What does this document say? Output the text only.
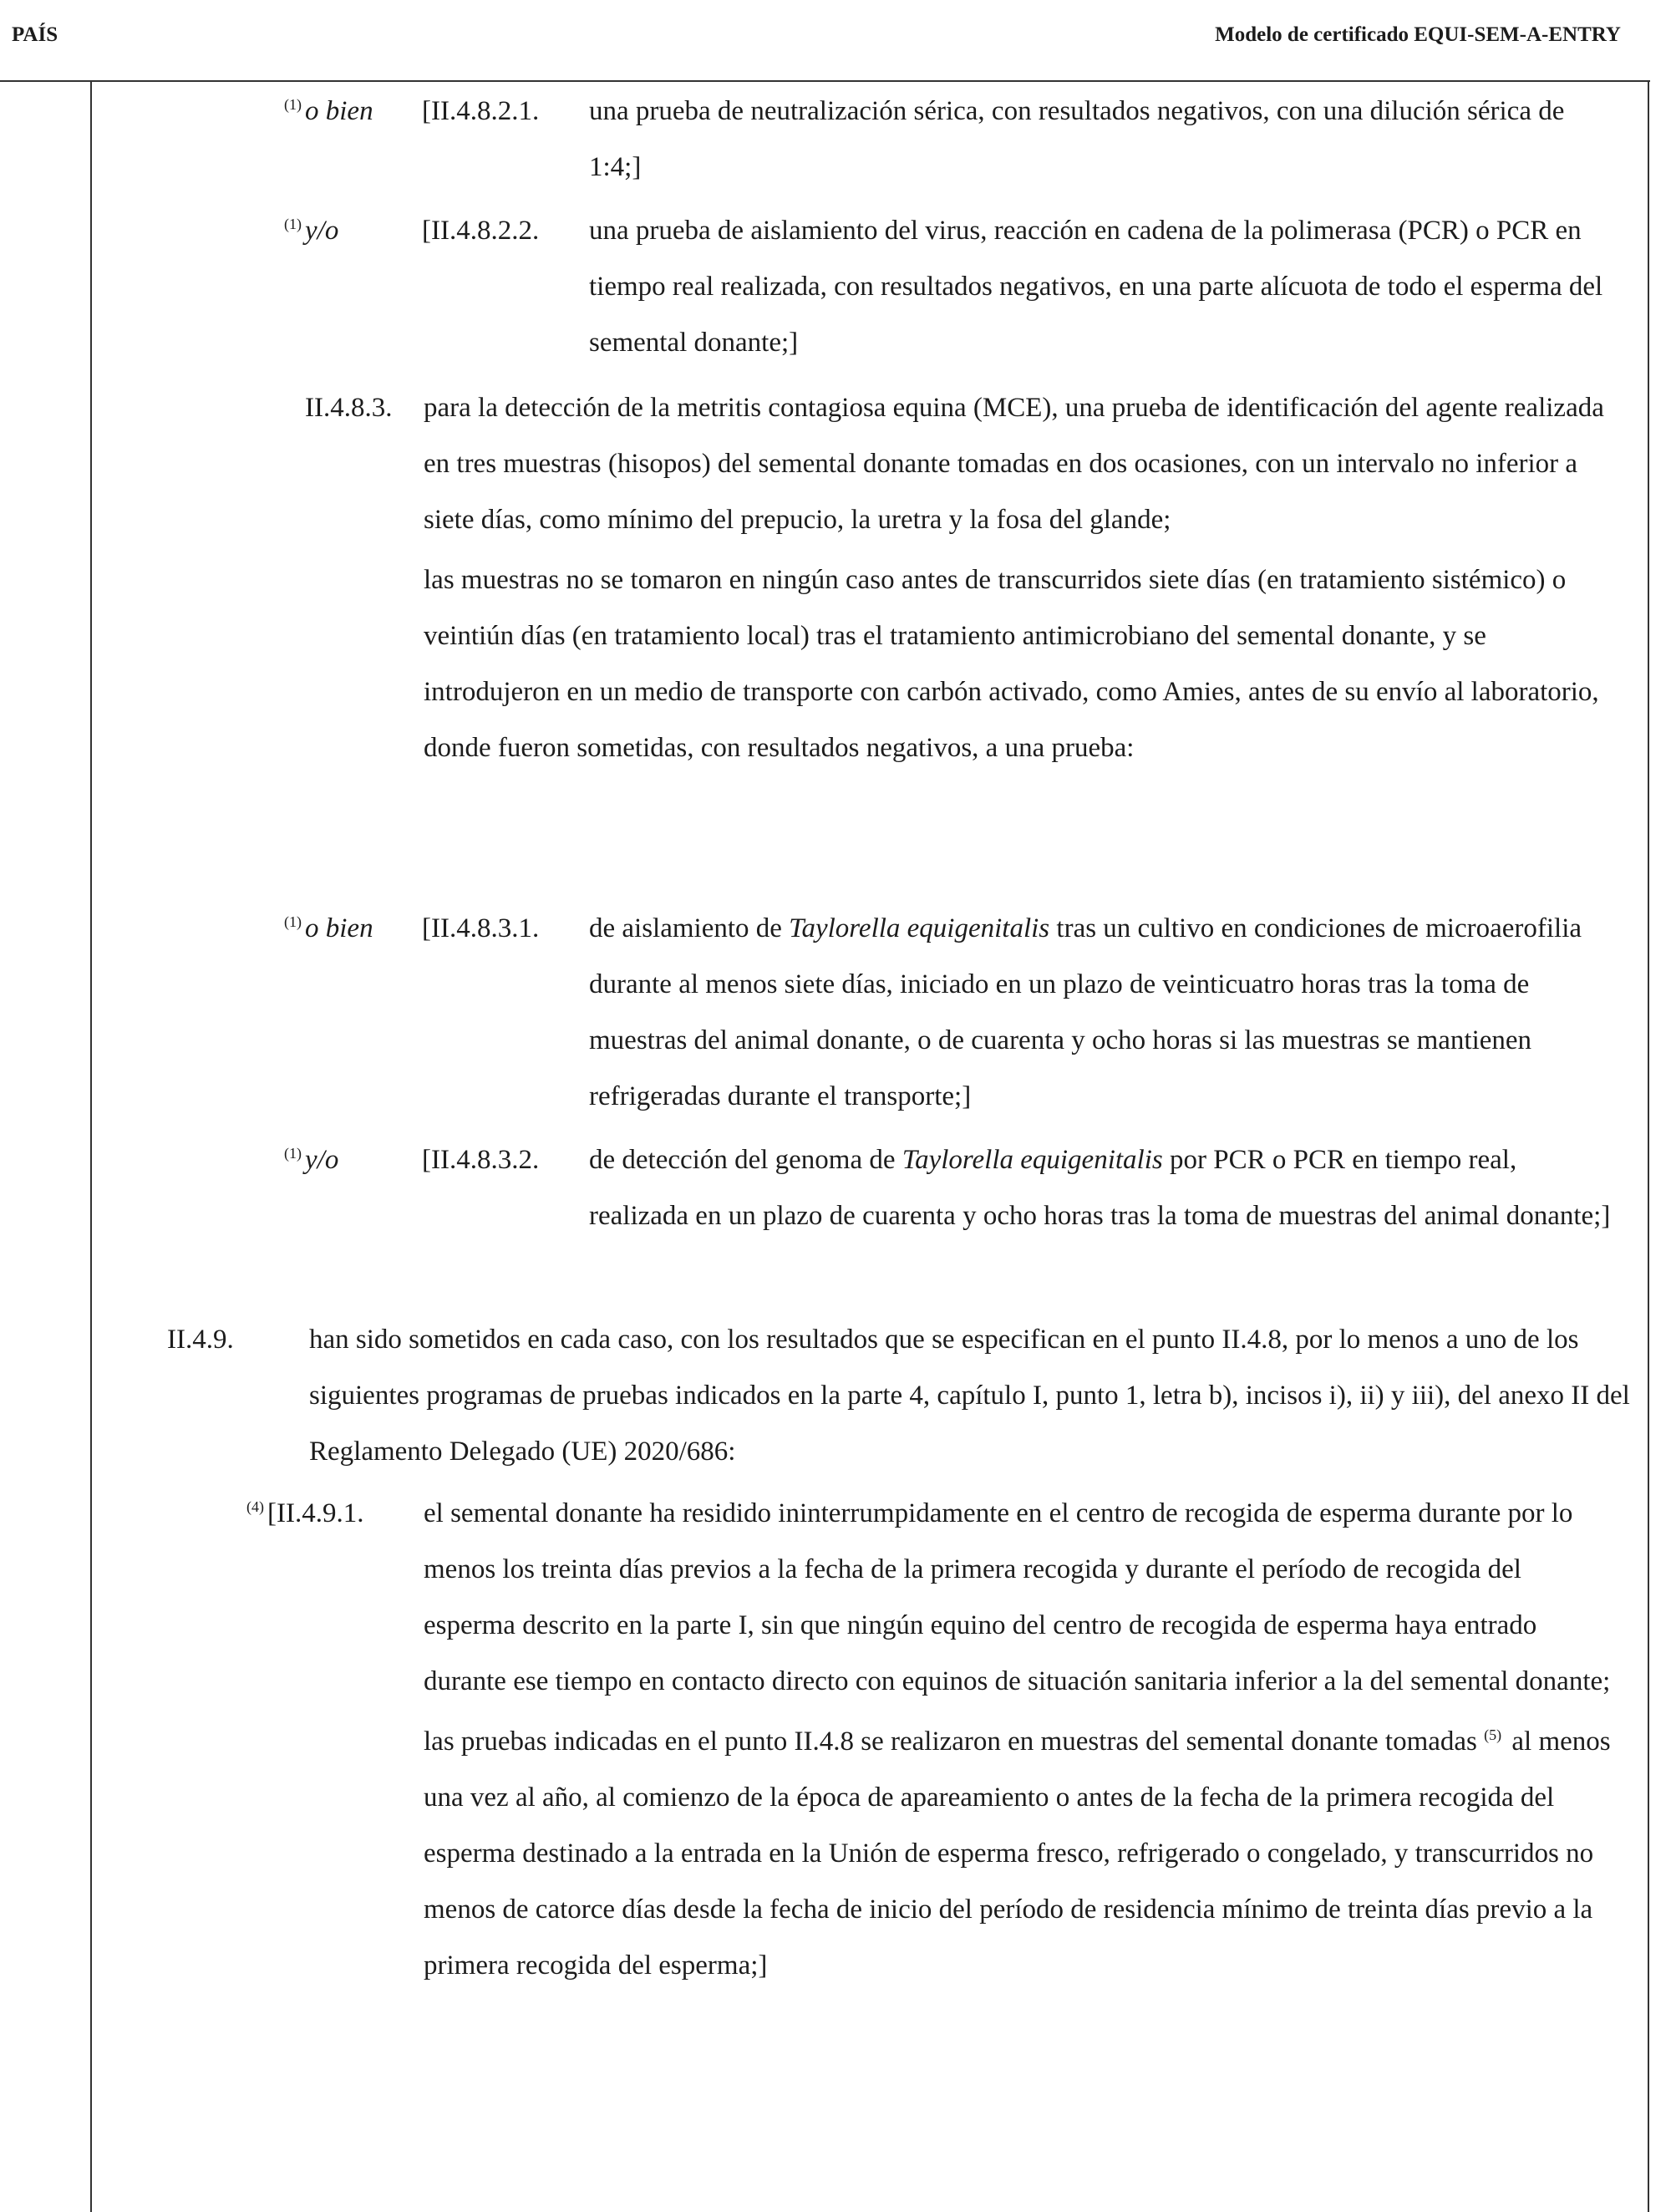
PAÍS	Modelo de certificado EQUI-SEM-A-ENTRY
$^{(1)}$ o bien [II.4.8.2.1. una prueba de neutralización sérica, con resultados negativos, con una dilución sérica de 1:4;]

$^{(1)}$ y/o	[II.4.8.2.2. una prueba de aislamiento del virus, reacción en cadena de la polimerasa (PCR) o PCR en tiempo real realizada, con resultados negativos, en una parte alícuota de todo el esperma del semental donante;]

II.4.8.3. para la detección de la metritis contagiosa equina (MCE), una prueba de identificación del agente realizada en tres muestras (hisopos) del semental donante tomadas en dos ocasiones, con un intervalo no inferior a siete días, como mínimo del prepucio, la uretra y la fosa del glande;

las muestras no se tomaron en ningún caso antes de transcurridos siete días (en tratamiento sistémico) o veintiún días (en tratamiento local) tras el tratamiento antimicrobiano del semental donante, y se introdujeron en un medio de transporte con carbón activado, como Amies, antes de su envío al laboratorio, donde fueron sometidas, con resultados negativos, a una prueba:

$^{(1)}$ o bien [II.4.8.3.1. de aislamiento de Taylorella equigenitalis tras un cultivo en condiciones de microaerofilia durante al menos siete días, iniciado en un plazo de veinticuatro horas tras la toma de muestras del animal donante, o de cuarenta y ocho horas si las muestras se mantienen refrigeradas durante el transporte;]

$^{(1)}$ y/o	[II.4.8.3.2. de detección del genoma de Taylorella equigenitalis por PCR o PCR en tiempo real, realizada en un plazo de cuarenta y ocho horas tras la toma de muestras del animal donante;]

II.4.9.	han sido sometidos en cada caso, con los resultados que se especifican en el punto II.4.8, por lo menos a uno de los siguientes programas de pruebas indicados en la parte 4, capítulo I, punto 1, letra b), incisos i), ii) y iii), del anexo II del Reglamento Delegado (UE) 2020/686:

$^{(4)}$ [II.4.9.1. el semental donante ha residido ininterrumpidamente en el centro de recogida de esperma durante por lo menos los treinta días previos a la fecha de la primera recogida y durante el período de recogida del esperma descrito en la parte I, sin que ningún equino del centro de recogida de esperma haya entrado durante ese tiempo en contacto directo con equinos de situación sanitaria inferior a la del semental donante;

las pruebas indicadas en el punto II.4.8 se realizaron en muestras del semental donante tomadas $^{(5)}$ al menos una vez al año, al comienzo de la época de apareamiento o antes de la fecha de la primera recogida del esperma destinado a la entrada en la Unión de esperma fresco, refrigerado o congelado, y transcurridos no menos de catorce días desde la fecha de inicio del período de residencia mínimo de treinta días previo a la primera recogida del esperma;]
